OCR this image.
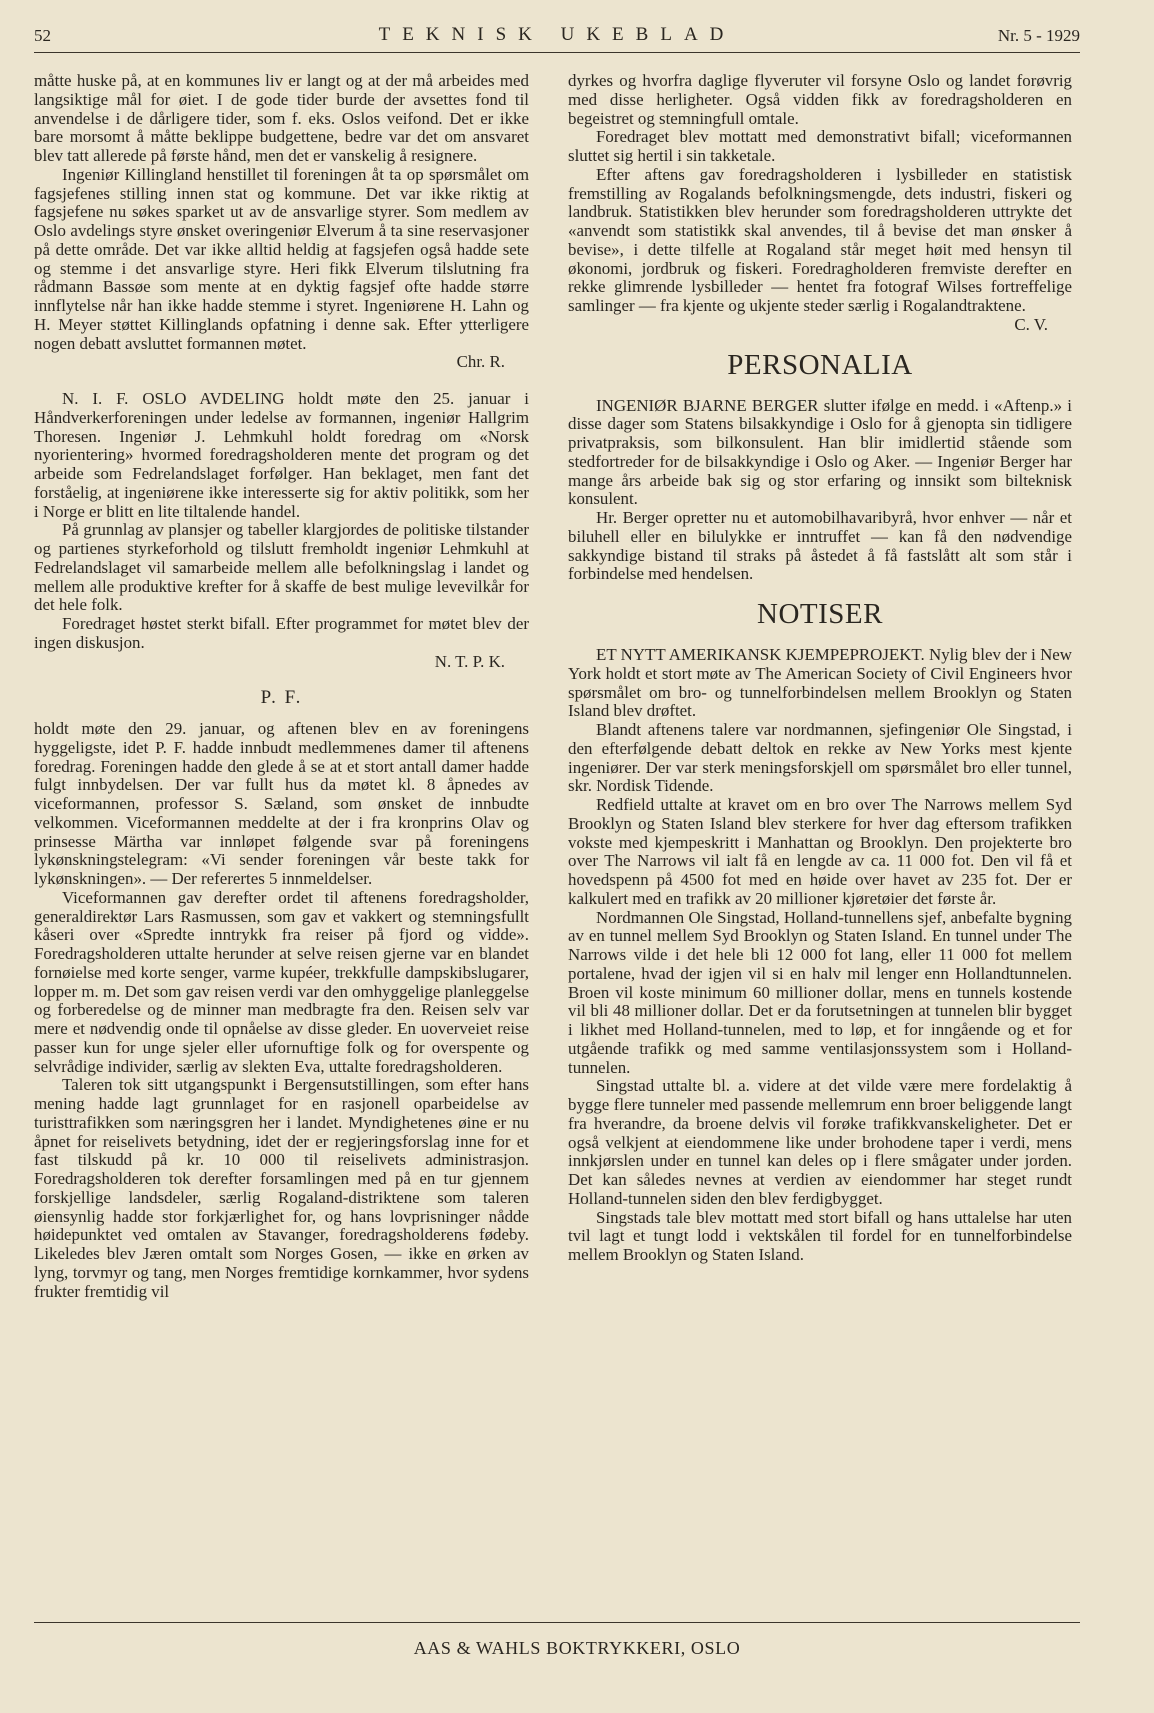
52	TEKNISK UKEBLAD	Nr. 5 - 1929

måtte huske på, at en kommunes liv er langt og at der må arbeides med langsiktige mål for øiet. I de gode tider burde der avsettes fond til anvendelse i de dårligere tider, som f. eks. Oslos veifond. Det er ikke bare morsomt å måtte beklippe budgettene, bedre var det om ansvaret blev tatt allerede på første hånd, men det er vanskelig å resignere.

Ingeniør Killingland henstillet til foreningen åt ta op spørsmålet om fagsjefenes stilling innen stat og kommune. Det var ikke riktig at fagsjefene nu søkes sparket ut av de ansvarlige styrer. Som medlem av Oslo avdelings styre ønsket overingeniør Elverum å ta sine reservasjoner på dette område. Det var ikke alltid heldig at fagsjefen også hadde sete og stemme i det ansvarlige styre. Heri fikk Elverum tilslutning fra rådmann Bassøe som mente at en dyktig fagsjef ofte hadde større innflytelse når han ikke hadde stemme i styret. Ingeniørene H. Lahn og H. Meyer støttet Killinglands opfatning i denne sak. Efter ytterligere nogen debatt avsluttet formannen møtet.

Chr. R.

N. I. F. OSLO AVDELING holdt møte den 25. januar i Håndverkerforeningen under ledelse av formannen, ingeniør Hallgrim Thoresen. Ingeniør J. Lehmkuhl holdt foredrag om «Norsk nyorientering» hvormed foredragsholderen mente det program og det arbeide som Fedrelandslaget forfølger. Han beklaget, men fant det forståelig, at ingeniørene ikke interesserte sig for aktiv politikk, som her i Norge er blitt en lite tiltalende handel.

På grunnlag av plansjer og tabeller klargjordes de politiske tilstander og partienes styrkeforhold og tilslutt fremholdt ingeniør Lehmkuhl at Fedrelandslaget vil samarbeide mellem alle befolkningslag i landet og mellem alle produktive krefter for å skaffe de best mulige levevilkår for det hele folk.

Foredraget høstet sterkt bifall. Efter programmet for møtet blev der ingen diskusjon.

N. T. P. K.

P. F.

holdt møte den 29. januar, og aftenen blev en av foreningens hyggeligste, idet P. F. hadde innbudt medlemmenes damer til aftenens foredrag. Foreningen hadde den glede å se at et stort antall damer hadde fulgt innbydelsen. Der var fullt hus da møtet kl. 8 åpnedes av viceformannen, professor S. Sæland, som ønsket de innbudte velkommen. Viceformannen meddelte at der i fra kronprins Olav og prinsesse Märtha var innløpet følgende svar på foreningens lykønskningstelegram: «Vi sender foreningen vår beste takk for lykønskningen». — Der referertes 5 innmeldelser.

Viceformannen gav derefter ordet til aftenens foredragsholder, generaldirektør Lars Rasmussen, som gav et vakkert og stemningsfullt kåseri over «Spredte inntrykk fra reiser på fjord og vidde». Foredragsholderen uttalte herunder at selve reisen gjerne var en blandet fornøielse med korte senger, varme kupéer, trekkfulle dampskibslugarer, lopper m. m. Det som gav reisen verdi var den omhyggelige planleggelse og forberedelse og de minner man medbragte fra den. Reisen selv var mere et nødvendig onde til opnåelse av disse gleder. En uoverveiet reise passer kun for unge sjeler eller ufornuftige folk og for overspente og selvrådige individer, særlig av slekten Eva, uttalte foredragsholderen.

Taleren tok sitt utgangspunkt i Bergensutstillingen, som efter hans mening hadde lagt grunnlaget for en rasjonell oparbeidelse av turisttrafikken som næringsgren her i landet. Myndighetenes øine er nu åpnet for reiselivets betydning, idet der er regjeringsforslag inne for et fast tilskudd på kr. 10 000 til reiselivets administrasjon. Foredragsholderen tok derefter forsamlingen med på en tur gjennem forskjellige landsdeler, særlig Rogaland-distriktene som taleren øiensynlig hadde stor forkjærlighet for, og hans lovprisninger nådde høidepunktet ved omtalen av Stavanger, foredragsholderens fødeby. Likeledes blev Jæren omtalt som Norges Gosen, — ikke en ørken av lyng, torvmyr og tang, men Norges fremtidige kornkammer, hvor sydens frukter fremtidig vil

dyrkes og hvorfra daglige flyveruter vil forsyne Oslo og landet forøvrig med disse herligheter. Også vidden fikk av foredragsholderen en begeistret og stemningfull omtale.

Foredraget blev mottatt med demonstrativt bifall; viceformannen sluttet sig hertil i sin takketale.

Efter aftens gav foredragsholderen i lysbilleder en statistisk fremstilling av Rogalands befolkningsmengde, dets industri, fiskeri og landbruk. Statistikken blev herunder som foredragsholderen uttrykte det «anvendt som statistikk skal anvendes, til å bevise det man ønsker å bevise», i dette tilfelle at Rogaland står meget høit med hensyn til økonomi, jordbruk og fiskeri. Foredragholderen fremviste derefter en rekke glimrende lysbilleder — hentet fra fotograf Wilses fortreffelige samlinger — fra kjente og ukjente steder særlig i Rogalandtraktene.

C. V.

PERSONALIA

INGENIØR BJARNE BERGER slutter ifølge en medd. i «Aftenp.» i disse dager som Statens bilsakkyndige i Oslo for å gjenopta sin tidligere privatpraksis, som bilkonsulent. Han blir imidlertid stående som stedfortreder for de bilsakkyndige i Oslo og Aker. — Ingeniør Berger har mange års arbeide bak sig og stor erfaring og innsikt som bilteknisk konsulent.

Hr. Berger opretter nu et automobilhavaribyrå, hvor enhver — når et biluhell eller en bilulykke er inntruffet — kan få den nødvendige sakkyndige bistand til straks på åstedet å få fastslått alt som står i forbindelse med hendelsen.

NOTISER

ET NYTT AMERIKANSK KJEMPEPROJEKT. Nylig blev der i New York holdt et stort møte av The American Society of Civil Engineers hvor spørsmålet om bro- og tunnelforbindelsen mellem Brooklyn og Staten Island blev drøftet.

Blandt aftenens talere var nordmannen, sjefingeniør Ole Singstad, i den efterfølgende debatt deltok en rekke av New Yorks mest kjente ingeniører. Der var sterk meningsforskjell om spørsmålet bro eller tunnel, skr. Nordisk Tidende.

Redfield uttalte at kravet om en bro over The Narrows mellem Syd Brooklyn og Staten Island blev sterkere for hver dag eftersom trafikken vokste med kjempeskritt i Manhattan og Brooklyn. Den projekterte bro over The Narrows vil ialt få en lengde av ca. 11 000 fot. Den vil få et hovedspenn på 4500 fot med en høide over havet av 235 fot. Der er kalkulert med en trafikk av 20 millioner kjøretøier det første år.

Nordmannen Ole Singstad, Holland-tunnellens sjef, anbefalte bygning av en tunnel mellem Syd Brooklyn og Staten Island. En tunnel under The Narrows vilde i det hele bli 12 000 fot lang, eller 11 000 fot mellem portalene, hvad der igjen vil si en halv mil lenger enn Hollandtunnelen. Broen vil koste minimum 60 millioner dollar, mens en tunnels kostende vil bli 48 millioner dollar. Det er da forutsetningen at tunnelen blir bygget i likhet med Holland-tunnelen, med to løp, et for inngående og et for utgående trafikk og med samme ventilasjonssystem som i Holland-tunnelen.

Singstad uttalte bl. a. videre at det vilde være mere fordelaktig å bygge flere tunneler med passende mellemrum enn broer beliggende langt fra hverandre, da broene delvis vil forøke trafikkvanskeligheter. Det er også velkjent at eiendommene like under brohodene taper i verdi, mens innkjørslen under en tunnel kan deles op i flere smågater under jorden. Det kan således nevnes at verdien av eiendommer har steget rundt Holland-tunnelen siden den blev ferdigbygget.

Singstads tale blev mottatt med stort bifall og hans uttalelse har uten tvil lagt et tungt lodd i vektskålen til fordel for en tunnelforbindelse mellem Brooklyn og Staten Island.

AAS & WAHLS BOKTRYKKERI, OSLO
